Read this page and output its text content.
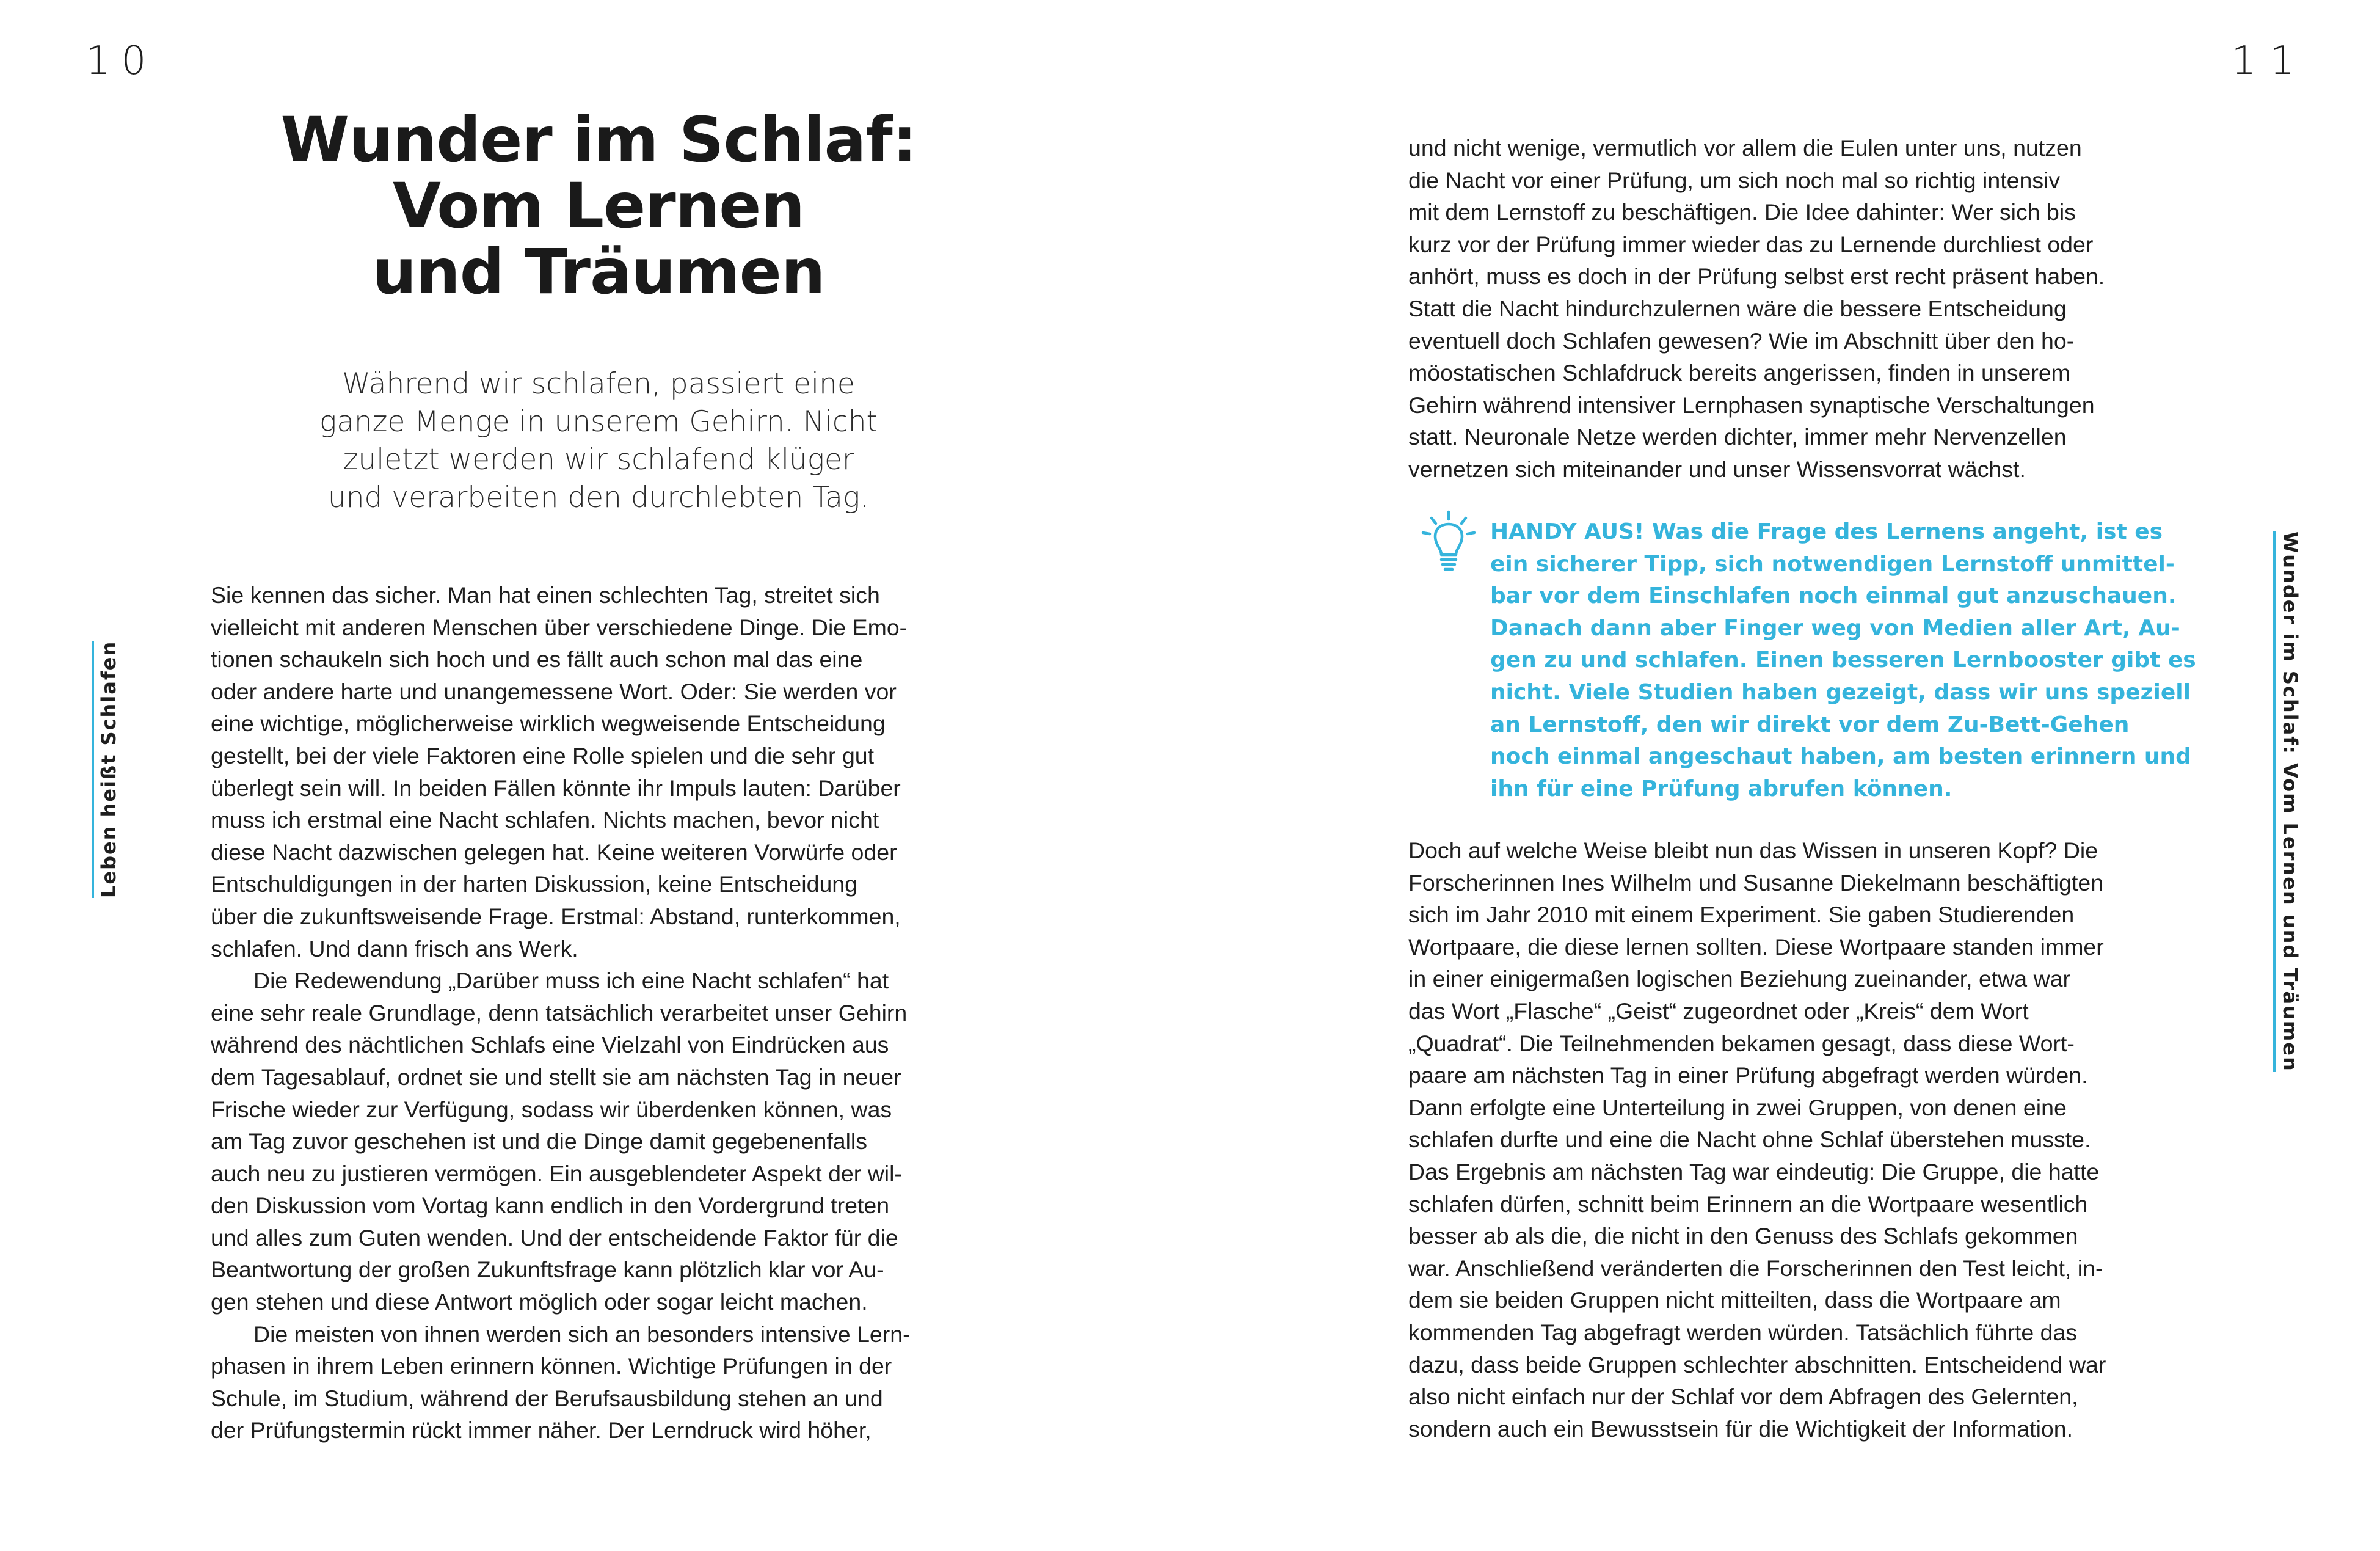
10	11
Wunder im Schlaf:
Vom Lernen
und Träumen
Während wir schlafen, passiert eine
ganze Menge in unserem Gehirn. Nicht
zuletzt werden wir schlafend klüger
und verarbeiten den durchlebten Tag.
Leben heißt Schlafen	Wunder im Schlaf: Vom Lernen und Träumen
Sie kennen das sicher. Man hat einen schlechten Tag, streitet sich
vielleicht mit anderen Menschen über verschiedene Dinge. Die Emo-
tionen schaukeln sich hoch und es fällt auch schon mal das eine
oder andere harte und unangemessene Wort. Oder: Sie werden vor
eine wichtige, möglicherweise wirklich wegweisende Entscheidung
gestellt, bei der viele Faktoren eine Rolle spielen und die sehr gut
überlegt sein will. In beiden Fällen könnte ihr Impuls lauten: Darüber
muss ich erstmal eine Nacht schlafen. Nichts machen, bevor nicht
diese Nacht dazwischen gelegen hat. Keine weiteren Vorwürfe oder
Entschuldigungen in der harten Diskussion, keine Entscheidung
über die zukunftsweisende Frage. Erstmal: Abstand, runterkommen,
schlafen. Und dann frisch ans Werk.
Die Redewendung „Darüber muss ich eine Nacht schlafen“ hat
eine sehr reale Grundlage, denn tatsächlich verarbeitet unser Gehirn
während des nächtlichen Schlafs eine Vielzahl von Eindrücken aus
dem Tagesablauf, ordnet sie und stellt sie am nächsten Tag in neuer
Frische wieder zur Verfügung, sodass wir überdenken können, was
am Tag zuvor geschehen ist und die Dinge damit gegebenenfalls
auch neu zu justieren vermögen. Ein ausgeblendeter Aspekt der wil-
den Diskussion vom Vortag kann endlich in den Vordergrund treten
und alles zum Guten wenden. Und der entscheidende Faktor für die
Beantwortung der großen Zukunftsfrage kann plötzlich klar vor Au-
gen stehen und diese Antwort möglich oder sogar leicht machen.
Die meisten von ihnen werden sich an besonders intensive Lern-
phasen in ihrem Leben erinnern können. Wichtige Prüfungen in der
Schule, im Studium, während der Berufsausbildung stehen an und
der Prüfungstermin rückt immer näher. Der Lerndruck wird höher,
und nicht wenige, vermutlich vor allem die Eulen unter uns, nutzen
die Nacht vor einer Prüfung, um sich noch mal so richtig intensiv
mit dem Lernstoff zu beschäftigen. Die Idee dahinter: Wer sich bis
kurz vor der Prüfung immer wieder das zu Lernende durchliest oder
anhört, muss es doch in der Prüfung selbst erst recht präsent haben.
Statt die Nacht hindurchzulernen wäre die bessere Entscheidung
eventuell doch Schlafen gewesen? Wie im Abschnitt über den ho-
möostatischen Schlafdruck bereits angerissen, finden in unserem
Gehirn während intensiver Lernphasen synaptische Verschaltungen
statt. Neuronale Netze werden dichter, immer mehr Nervenzellen
vernetzen sich miteinander und unser Wissensvorrat wächst.
HANDY AUS! Was die Frage des Lernens angeht, ist es
ein sicherer Tipp, sich notwendigen Lernstoff unmittel-
bar vor dem Einschlafen noch einmal gut anzuschauen.
Danach dann aber Finger weg von Medien aller Art, Au-
gen zu und schlafen. Einen besseren Lernbooster gibt es
nicht. Viele Studien haben gezeigt, dass wir uns speziell
an Lernstoff, den wir direkt vor dem Zu-Bett-Gehen
noch einmal angeschaut haben, am besten erinnern und
ihn für eine Prüfung abrufen können.
Doch auf welche Weise bleibt nun das Wissen in unseren Kopf? Die
Forscherinnen Ines Wilhelm und Susanne Diekelmann beschäftigten
sich im Jahr 2010 mit einem Experiment. Sie gaben Studierenden
Wortpaare, die diese lernen sollten. Diese Wortpaare standen immer
in einer einigermaßen logischen Beziehung zueinander, etwa war
das Wort „Flasche“ „Geist“ zugeordnet oder „Kreis“ dem Wort
„Quadrat“. Die Teilnehmenden bekamen gesagt, dass diese Wort-
paare am nächsten Tag in einer Prüfung abgefragt werden würden.
Dann erfolgte eine Unterteilung in zwei Gruppen, von denen eine
schlafen durfte und eine die Nacht ohne Schlaf überstehen musste.
Das Ergebnis am nächsten Tag war eindeutig: Die Gruppe, die hatte
schlafen dürfen, schnitt beim Erinnern an die Wortpaare wesentlich
besser ab als die, die nicht in den Genuss des Schlafs gekommen
war. Anschließend veränderten die Forscherinnen den Test leicht, in-
dem sie beiden Gruppen nicht mitteilten, dass die Wortpaare am
kommenden Tag abgefragt werden würden. Tatsächlich führte das
dazu, dass beide Gruppen schlechter abschnitten. Entscheidend war
also nicht einfach nur der Schlaf vor dem Abfragen des Gelernten,
sondern auch ein Bewusstsein für die Wichtigkeit der Information.
